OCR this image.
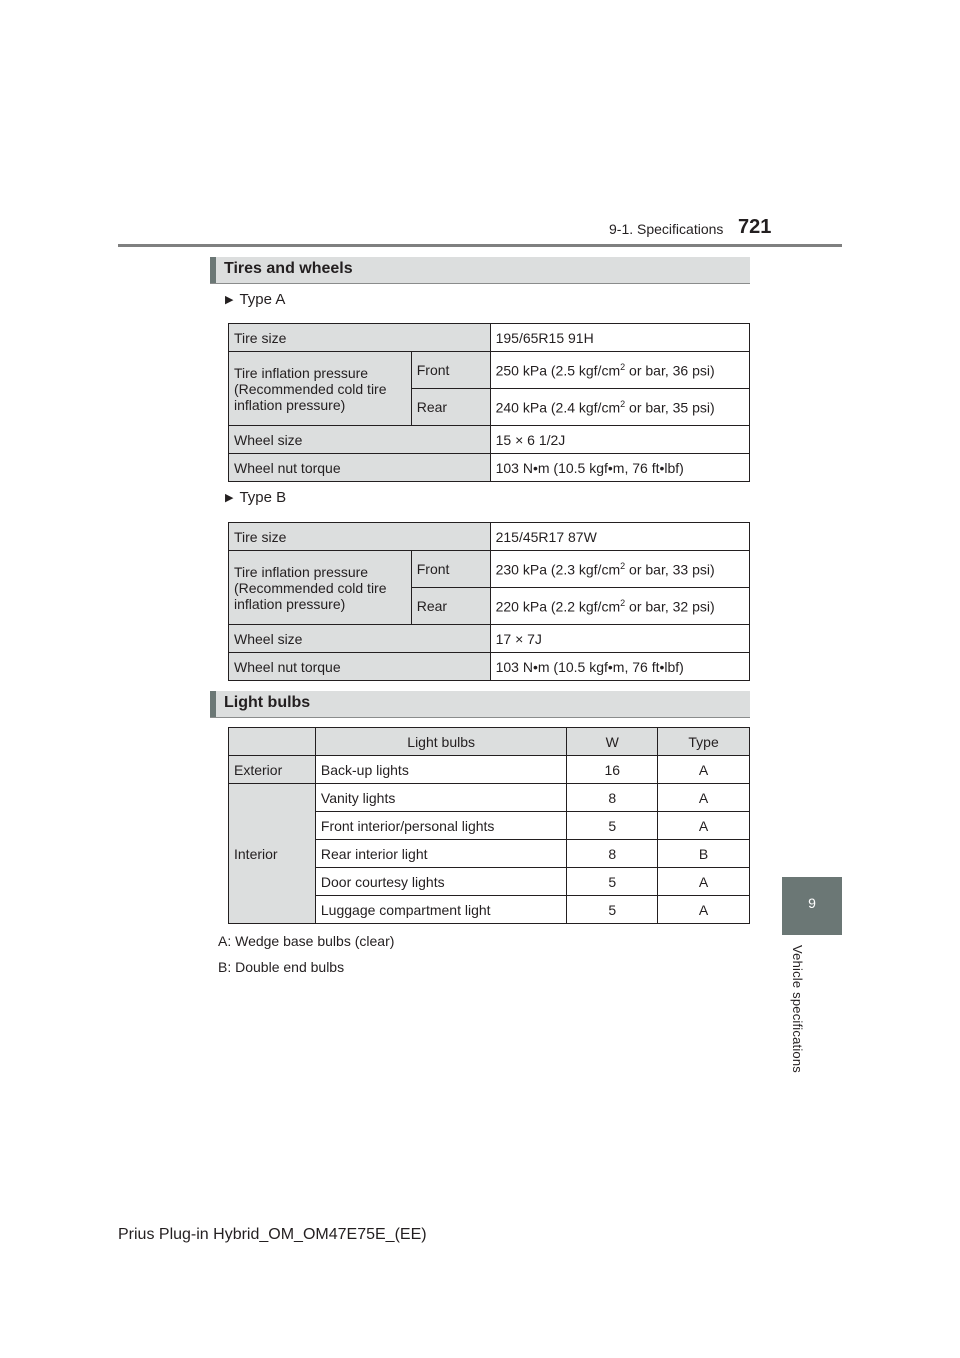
9-1. Specifications 721
9
Vehicle specifications
Tires and wheels
▶ Type A
Tire size		195/65R15 91H
Tire inflation pressure (Recommended cold tire inflation pressure)	Front	250 kPa (2.5 kgf/$cm^2$ or bar, 36 psi)
	Rear	240 kPa (2.4 kgf/$cm^2$ or bar, 35 psi)
Wheel size		15 × 6 1/2J
Wheel nut torque		103 N•m (10.5 kgf•m, 76 ft•lbf)
▶ Type B
Tire size		215/45R17 87W
Tire inflation pressure (Recommended cold tire inflation pressure)	Front	230 kPa (2.3 kgf/$cm^2$ or bar, 33 psi)
	Rear	220 kPa (2.2 kgf/$cm^2$ or bar, 32 psi)
Wheel size		17 × 7J
Wheel nut torque		103 N•m (10.5 kgf•m, 76 ft•lbf)
Light bulbs
	Light bulbs	W	Type
Exterior	Back-up lights	16	A
Interior	Vanity lights	8	A
	Front interior/personal lights	5	A
	Rear interior light	8	B
	Door courtesy lights	5	A
	Luggage compartment light	5	A
A: Wedge base bulbs (clear)
B: Double end bulbs
Prius Plug-in Hybrid_OM_OM47E75E_(EE)
